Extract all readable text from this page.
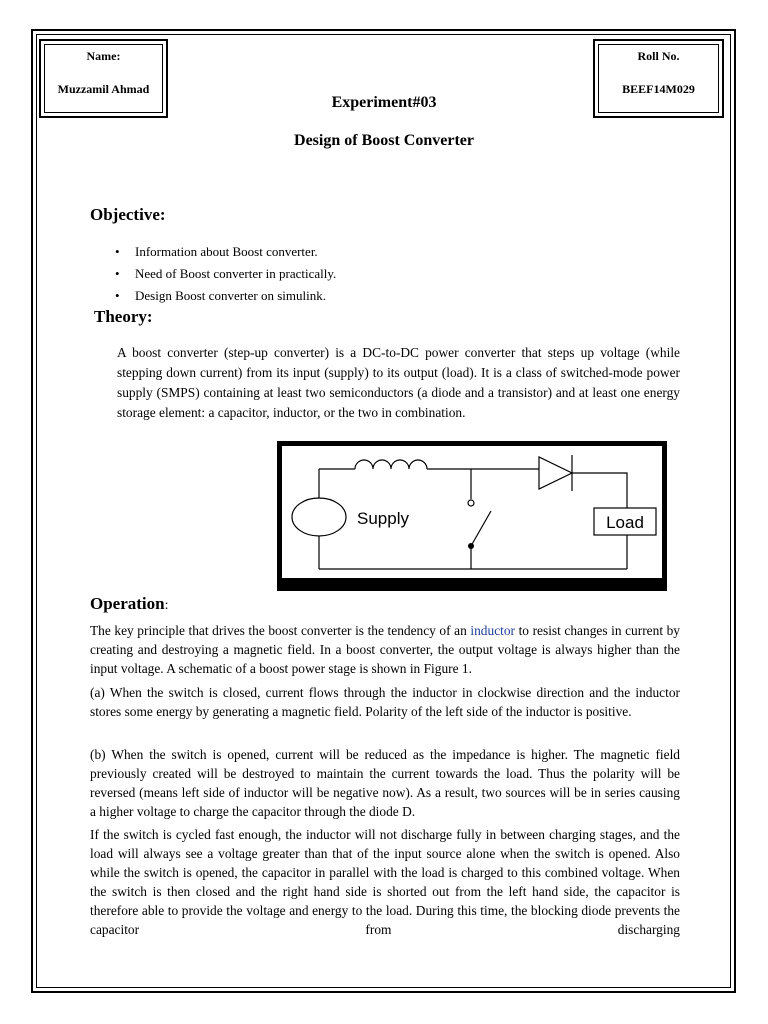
Name:
Muzzamil Ahmad
Roll No.
BEEF14M029
Experiment#03
Design of Boost Converter
Objective:
• Information about Boost converter.
• Need of Boost converter in practically.
• Design Boost converter on simulink.
Theory:

A boost converter (step-up converter) is a DC-to-DC power converter that steps up voltage (while stepping down current) from its input (supply) to its output (load). It is a class of switched-mode power supply (SMPS) containing at least two semiconductors (a diode and a transistor) and at least one energy storage element: a capacitor, inductor, or the two in combination.

Supply	Load
Operation:

The key principle that drives the boost converter is the tendency of an inductor to resist changes in current by creating and destroying a magnetic field. In a boost converter, the output voltage is always higher than the input voltage. A schematic of a boost power stage is shown in Figure 1.

(a) When the switch is closed, current flows through the inductor in clockwise direction and the inductor stores some energy by generating a magnetic field. Polarity of the left side of the inductor is positive.

(b) When the switch is opened, current will be reduced as the impedance is higher. The magnetic field previously created will be destroyed to maintain the current towards the load. Thus the polarity will be reversed (means left side of inductor will be negative now). As a result, two sources will be in series causing a higher voltage to charge the capacitor through the diode D.

If the switch is cycled fast enough, the inductor will not discharge fully in between charging stages, and the load will always see a voltage greater than that of the input source alone when the switch is opened. Also while the switch is opened, the capacitor in parallel with the load is charged to this combined voltage. When the switch is then closed and the right hand side is shorted out from the left hand side, the capacitor is therefore able to provide the voltage and energy to the load. During this time, the blocking diode prevents the capacitor from discharging
